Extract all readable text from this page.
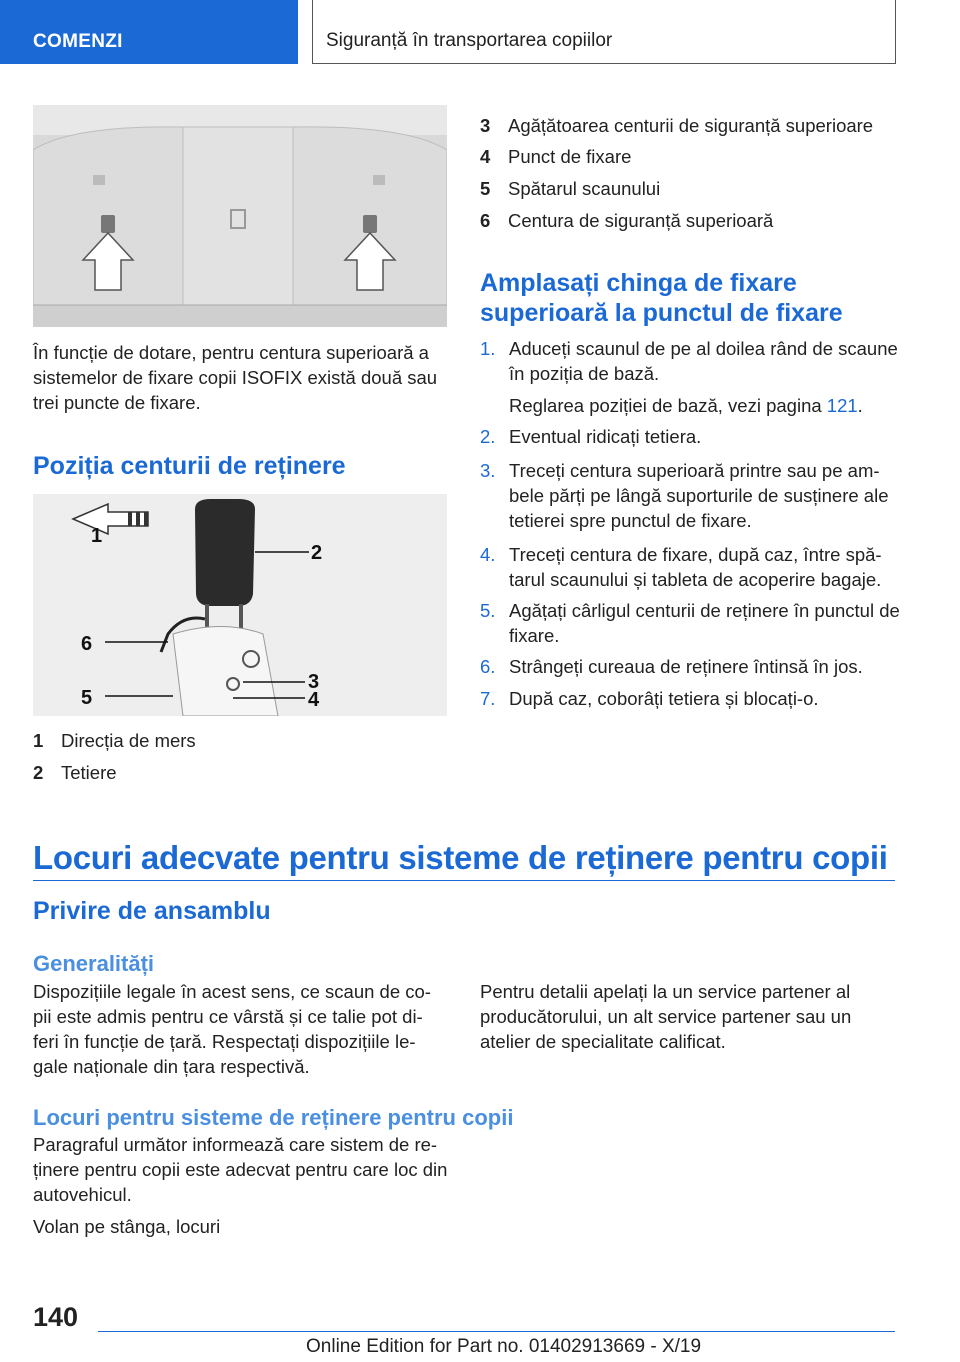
COMENZI	Siguranță în transportarea copiilor
În funcție de dotare, pentru centura superioară a sistemelor de fixare copii ISOFIX există două sau trei puncte de fixare.
Poziția centurii de reținere
1
2
3
4
5
6
1 Direcția de mers
2 Tetiere
3 Agățătoarea centurii de siguranță superioare
4 Punct de fixare
5 Spătarul scaunului
6 Centura de siguranță superioară
Amplasați chinga de fixare superioară la punctul de fixare
1. Aduceți scaunul de pe al doilea rând de scaune în poziția de bază.
Reglarea poziției de bază, vezi pagina 121.
2. Eventual ridicați tetiera.
3. Treceți centura superioară printre sau pe am-bele părți pe lângă suporturile de susținere ale tetierei spre punctul de fixare.
4. Treceți centura de fixare, după caz, între spă-tarul scaunului și tableta de acoperire bagaje.
5. Agățați cârligul centurii de reținere în punctul de fixare.
6. Strângeți cureaua de reținere întinsă în jos.
7. După caz, coborâți tetiera și blocați-o.
Locuri adecvate pentru sisteme de reținere pentru copii
Privire de ansamblu
Generalități
Dispozițiile legale în acest sens, ce scaun de co-pii este admis pentru ce vârstă și ce talie pot di-feri în funcție de țară. Respectați dispozițiile le-gale naționale din țara respectivă.
Pentru detalii apelați la un service partener al producătorului, un alt service partener sau un atelier de specialitate calificat.
Locuri pentru sisteme de reținere pentru copii
Paragraful următor informează care sistem de re-ținere pentru copii este adecvat pentru care loc din autovehicul.
Volan pe stânga, locuri
140
Online Edition for Part no. 01402913669 - X/19
